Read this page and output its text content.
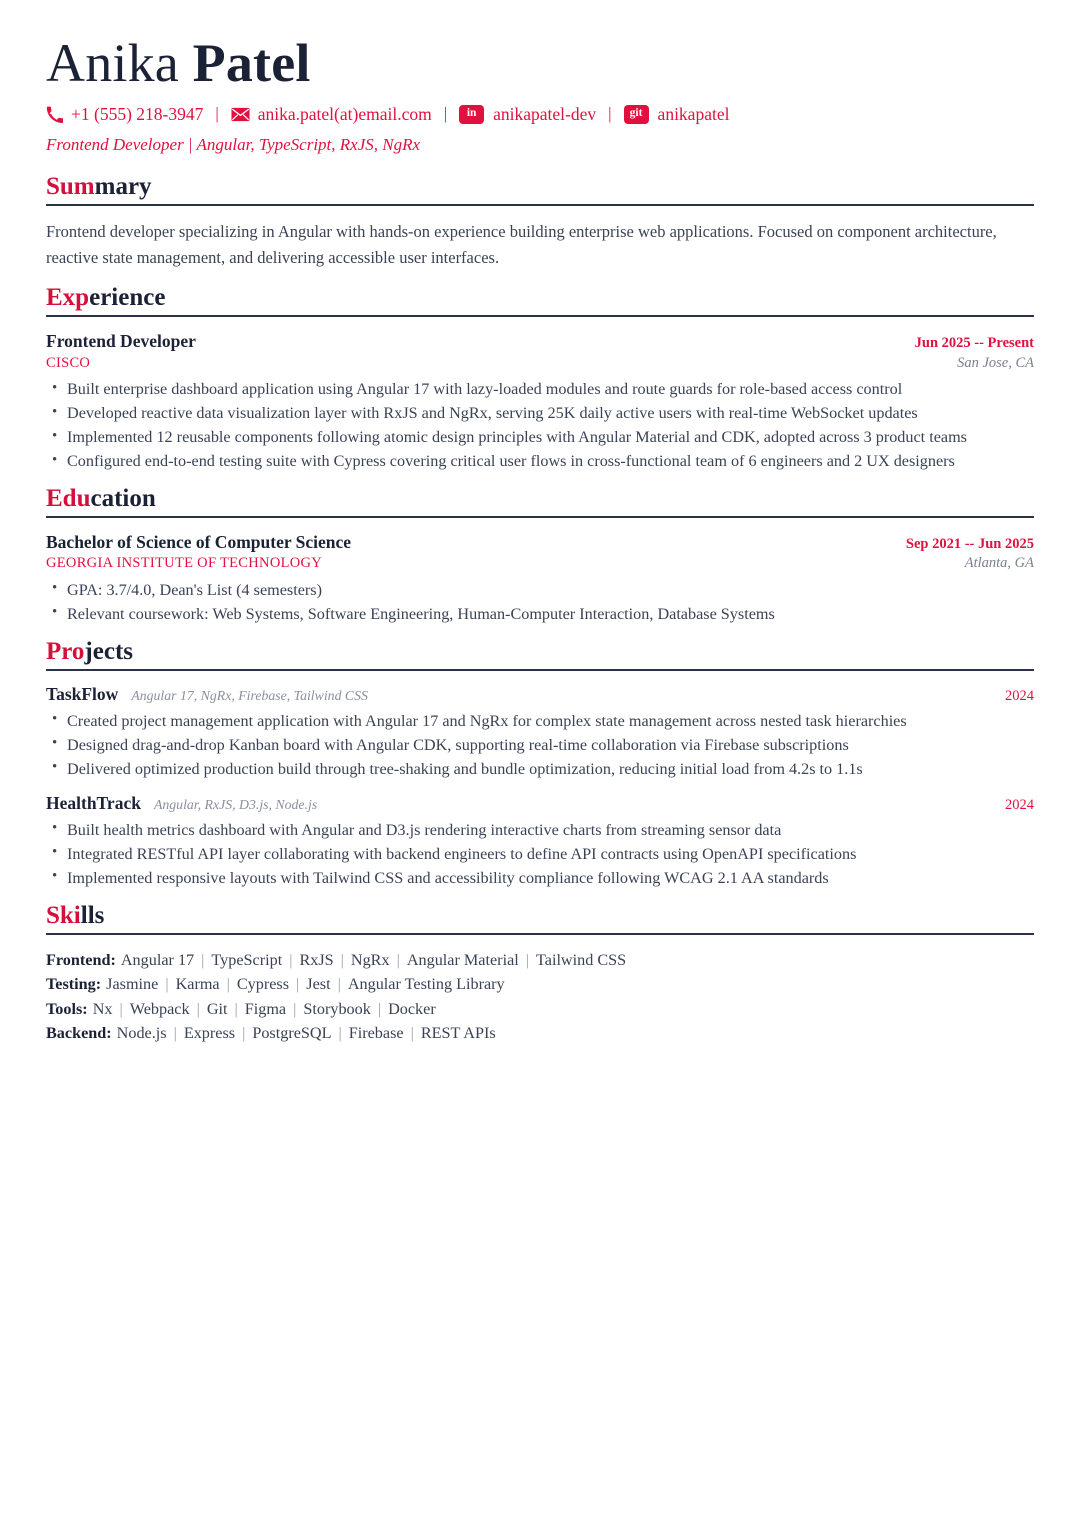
Anika Patel
+1 (555) 218-3947 | anika.patel(at)email.com |	in anikapatel-dev |	git anikapatel
Frontend Developer | Angular, TypeScript, RxJS, NgRx
Summary

Frontend developer specializing in Angular with hands-on experience building enterprise web applications. Focused on component architecture, reactive state management, and delivering accessible user interfaces.

Experience
Frontend Developer	Jun 2025 -- Present
CISCO	San Jose, CA
• Built enterprise dashboard application using Angular 17 with lazy-loaded modules and route guards for role-based access control
• Developed reactive data visualization layer with RxJS and NgRx, serving 25K daily active users with real-time WebSocket updates
• Implemented 12 reusable components following atomic design principles with Angular Material and CDK, adopted across 3 product teams
• Configured end-to-end testing suite with Cypress covering critical user flows in cross-functional team of 6 engineers and 2 UX designers
Education
Bachelor of Science of Computer Science	Sep 2021 -- Jun 2025
GEORGIA INSTITUTE OF TECHNOLOGY	Atlanta, GA
• GPA: 3.7/4.0, Dean's List (4 semesters)
• Relevant coursework: Web Systems, Software Engineering, Human-Computer Interaction, Database Systems
Projects
TaskFlow Angular 17, NgRx, Firebase, Tailwind CSS	2024
• Created project management application with Angular 17 and NgRx for complex state management across nested task hierarchies
• Designed drag-and-drop Kanban board with Angular CDK, supporting real-time collaboration via Firebase subscriptions
• Delivered optimized production build through tree-shaking and bundle optimization, reducing initial load from 4.2s to 1.1s
HealthTrack Angular, RxJS, D3.js, Node.js	2024
• Built health metrics dashboard with Angular and D3.js rendering interactive charts from streaming sensor data
• Integrated RESTful API layer collaborating with backend engineers to define API contracts using OpenAPI specifications
• Implemented responsive layouts with Tailwind CSS and accessibility compliance following WCAG 2.1 AA standards
Skills
Frontend: Angular 17 | TypeScript | RxJS | NgRx | Angular Material | Tailwind CSS
Testing: Jasmine | Karma | Cypress | Jest | Angular Testing Library
Tools: Nx | Webpack | Git | Figma | Storybook | Docker
Backend: Node.js | Express | PostgreSQL | Firebase | REST APIs
